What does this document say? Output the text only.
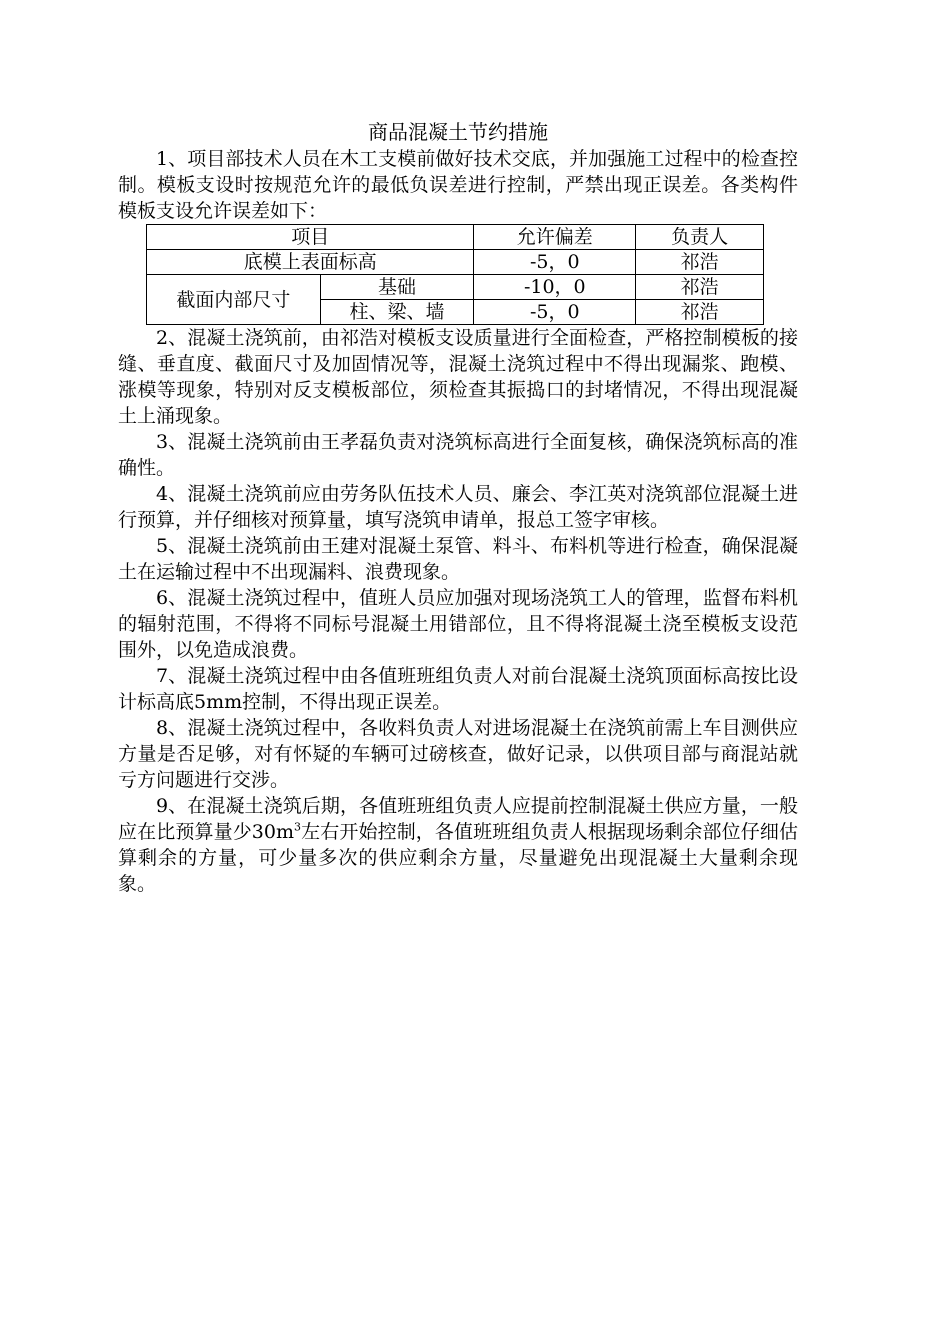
商品混凝土节约措施

1、项目部技术人员在木工支模前做好技术交底，并加强施工过程中的检查控制。模板支设时按规范允许的最低负误差进行控制，严禁出现正误差。各类构件模板支设允许误差如下：

项目		允许偏差	负责人
底模上表面标高		-5，0	祁浩
截面内部尺寸	基础	-10，0	祁浩
	柱、梁、墙	-5，0	祁浩

2、混凝土浇筑前，由祁浩对模板支设质量进行全面检查，严格控制模板的接缝、垂直度、截面尺寸及加固情况等，混凝土浇筑过程中不得出现漏浆、跑模、涨模等现象，特别对反支模板部位，须检查其振捣口的封堵情况，不得出现混凝土上涌现象。

3、混凝土浇筑前由王孝磊负责对浇筑标高进行全面复核，确保浇筑标高的准确性。

4、混凝土浇筑前应由劳务队伍技术人员、廉会、李江英对浇筑部位混凝土进行预算，并仔细核对预算量，填写浇筑申请单，报总工签字审核。

5、混凝土浇筑前由王建对混凝土泵管、料斗、布料机等进行检查，确保混凝土在运输过程中不出现漏料、浪费现象。

6、混凝土浇筑过程中，值班人员应加强对现场浇筑工人的管理，监督布料机的辐射范围，不得将不同标号混凝土用错部位，且不得将混凝土浇至模板支设范围外，以免造成浪费。

7、混凝土浇筑过程中由各值班班组负责人对前台混凝土浇筑顶面标高按比设计标高底5mm控制，不得出现正误差。

8、混凝土浇筑过程中，各收料负责人对进场混凝土在浇筑前需上车目测供应方量是否足够，对有怀疑的车辆可过磅核查，做好记录，以供项目部与商混站就亏方问题进行交涉。

9、在混凝土浇筑后期，各值班班组负责人应提前控制混凝土供应方量，一般应在比预算量少$30m^3$左右开始控制，各值班班组负责人根据现场剩余部位仔细估算剩余的方量，可少量多次的供应剩余方量，尽量避免出现混凝土大量剩余现象。
